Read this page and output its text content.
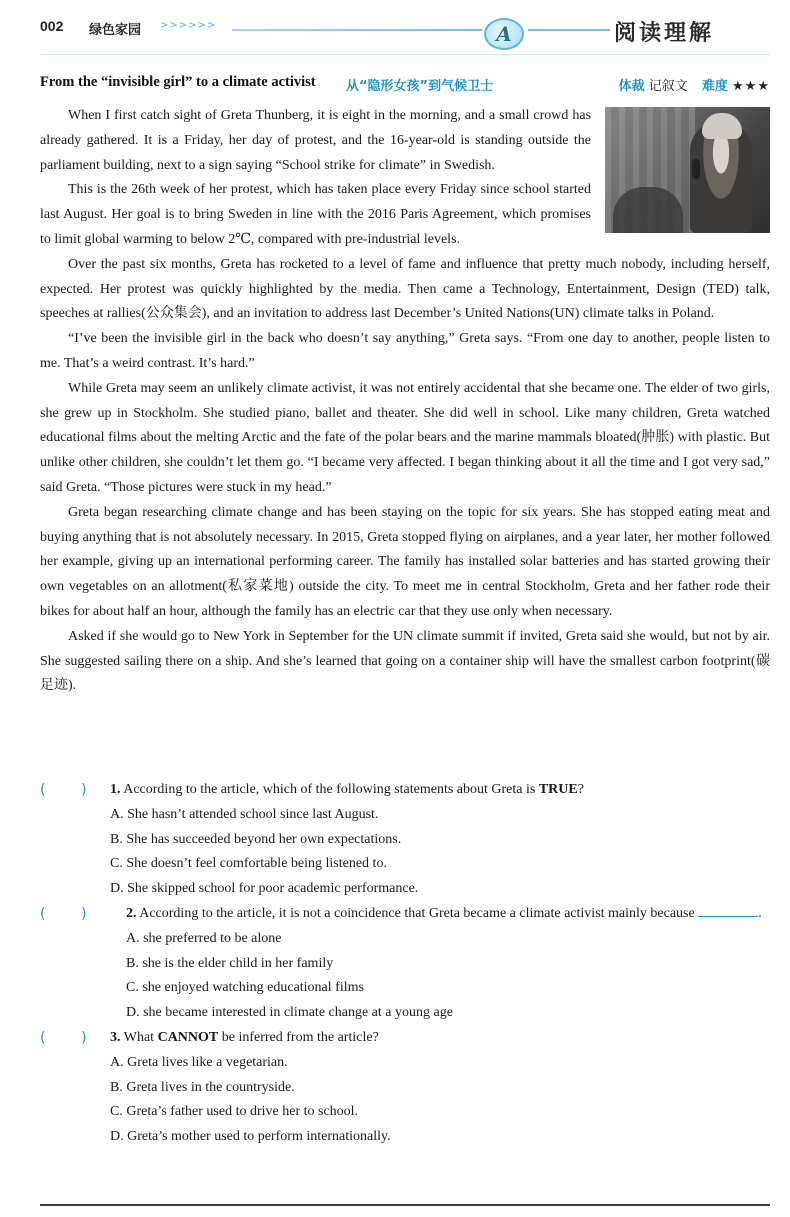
002 绿色家园 >>>>>>	A	阅读理解
From the “invisible girl” to a climate activist 从“隐形女孩”到气候卫士	体裁 记叙文 难度 ★★★

When I first catch sight of Greta Thunberg, it is eight in the morning, and a small crowd has already gathered. It is a Friday, her day of protest, and the 16-year-old is standing outside the parliament building, next to a sign saying “School strike for climate” in Swedish.

This is the 26th week of her protest, which has taken place every Friday since school started last August. Her goal is to bring Sweden in line with the 2016 Paris Agreement, which promises to limit global warming to below 2℃, compared with pre-industrial levels.

Over the past six months, Greta has rocketed to a level of fame and influence that pretty much nobody, including herself, expected. Her protest was quickly highlighted by the media. Then came a Technology, Entertainment, Design (TED) talk, speeches at rallies(公众集会), and an invitation to address last December’s United Nations(UN) climate talks in Poland.

“I’ve been the invisible girl in the back who doesn’t say anything,” Greta says. “From one day to another, people listen to me. That’s a weird contrast. It’s hard.”

While Greta may seem an unlikely climate activist, it was not entirely accidental that she became one. The elder of two girls, she grew up in Stockholm. She studied piano, ballet and theater. She did well in school. Like many children, Greta watched educational films about the melting Arctic and the fate of the polar bears and the marine mammals bloated(肿胀) with plastic. But unlike other children, she couldn’t let them go. “I became very affected. I began thinking about it all the time and I got very sad,” said Greta. “Those pictures were stuck in my head.”

Greta began researching climate change and has been staying on the topic for six years. She has stopped eating meat and buying anything that is not absolutely necessary. In 2015, Greta stopped flying on airplanes, and a year later, her mother followed her example, giving up an international performing career. The family has installed solar batteries and has started growing their own vegetables on an allotment(私家菜地) outside the city. To meet me in central Stockholm, Greta and her father rode their bikes for about half an hour, although the family has an electric car that they use only when necessary.

Asked if she would go to New York in September for the UN climate summit if invited, Greta said she would, but not by air. She suggested sailing there on a ship. And she’s learned that going on a container ship will have the smallest carbon footprint(碳足迹).

(        ) 1. According to the article, which of the following statements about Greta is TRUE?
A. She hasn’t attended school since last August.
B. She has succeeded beyond her own expectations.
C. She doesn’t feel comfortable being listened to.
D. She skipped school for poor academic performance.
(        )	2. According to the article, it is not a coincidence that Greta became a climate activist mainly because	.
A. she preferred to be alone
B. she is the elder child in her family
C. she enjoyed watching educational films
D. she became interested in climate change at a young age
(        ) 3. What CANNOT be inferred from the article?
A. Greta lives like a vegetarian.
B. Greta lives in the countryside.
C. Greta’s father used to drive her to school.
D. Greta’s mother used to perform internationally.
